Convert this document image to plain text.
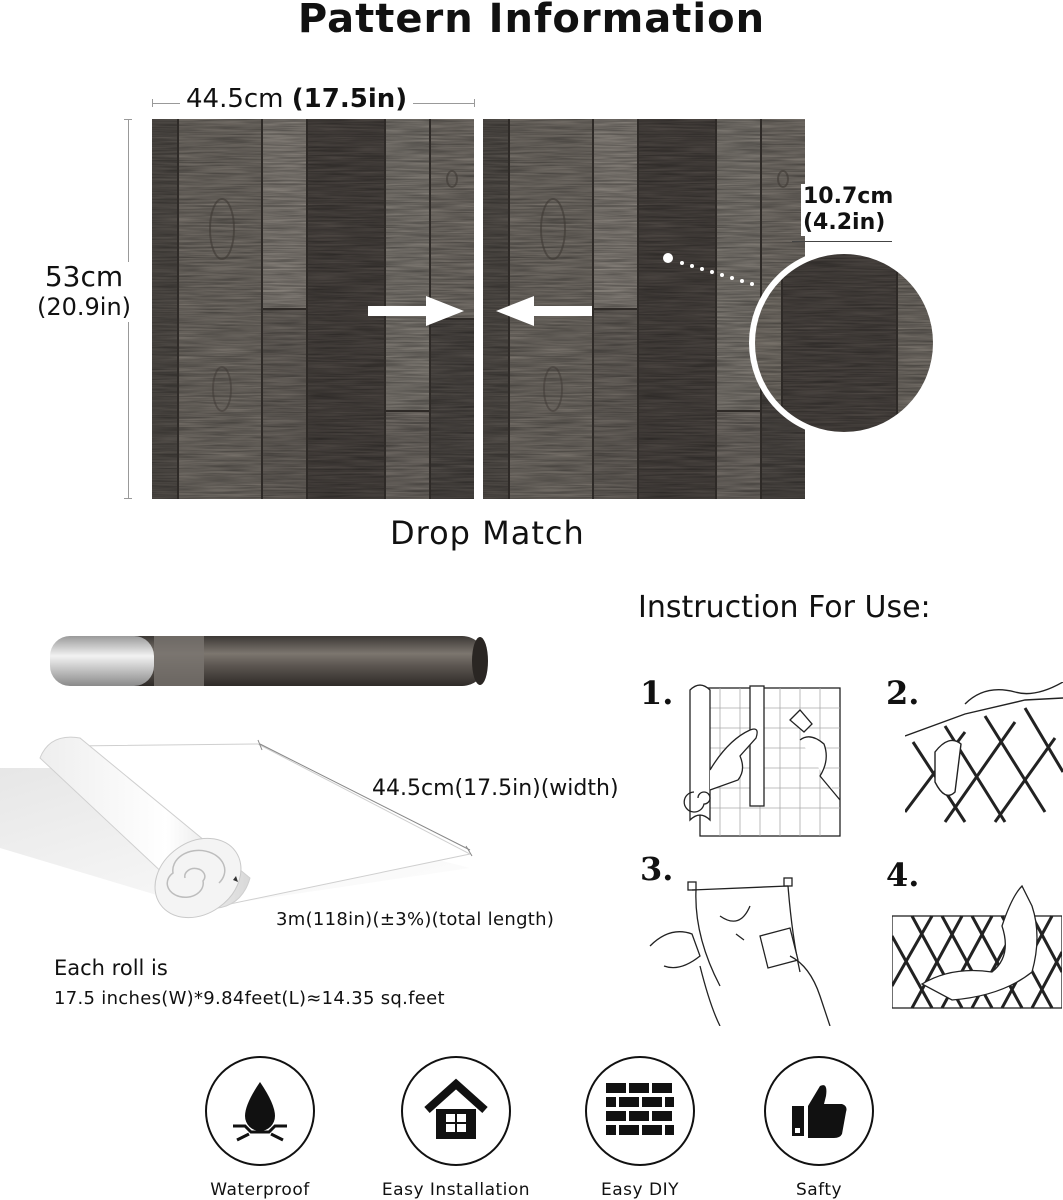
Pattern Information
44.5cm (17.5in)
53cm
(20.9in)
10.7cm
(4.2in)
Drop Match
44.5cm(17.5in)(width)
3m(118in)(±3%)(total length)
Each roll is
17.5 inches(W)*9.84feet(L)≈14.35 sq.feet
Instruction For Use:
1.	2.
3.	4.
Waterproof	Easy Installation	Easy DIY	Safty
